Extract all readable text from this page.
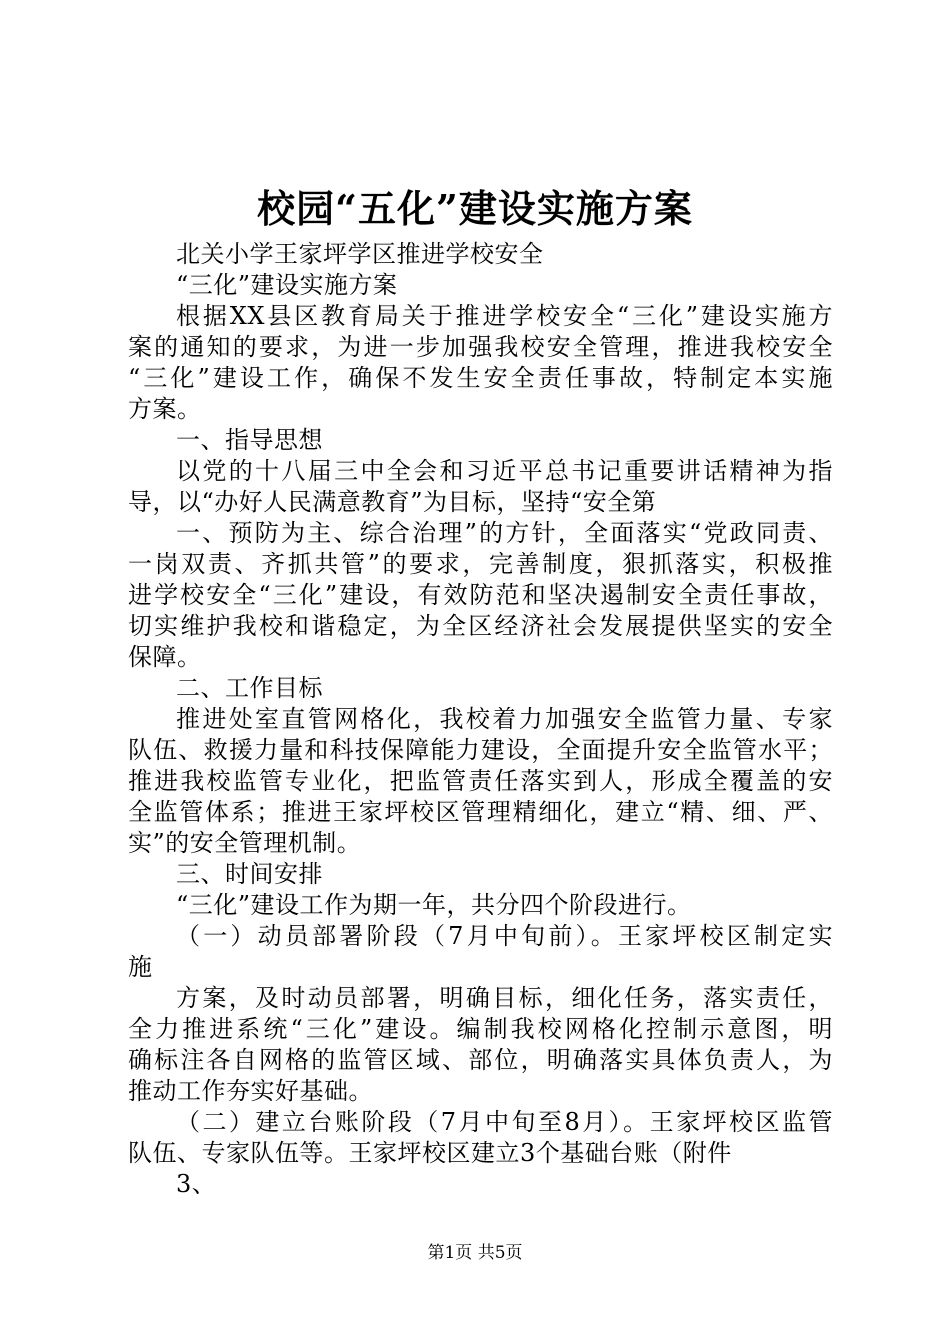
校园“五化”建设实施方案
北关小学王家坪学区推进学校安全
“三化”建设实施方案
根据XX县区教育局关于推进学校安全“三化”建设实施方
案的通知的要求，为进一步加强我校安全管理，推进我校安全
“三化”建设工作，确保不发生安全责任事故，特制定本实施
方案。
一、指导思想
以党的十八届三中全会和习近平总书记重要讲话精神为指
导，以“办好人民满意教育”为目标，坚持“安全第
一、预防为主、综合治理”的方针，全面落实“党政同责、
一岗双责、齐抓共管”的要求，完善制度，狠抓落实，积极推
进学校安全“三化”建设，有效防范和坚决遏制安全责任事故，
切实维护我校和谐稳定，为全区经济社会发展提供坚实的安全
保障。
二、工作目标
推进处室直管网格化，我校着力加强安全监管力量、专家
队伍、救援力量和科技保障能力建设，全面提升安全监管水平；
推进我校监管专业化，把监管责任落实到人，形成全覆盖的安
全监管体系；推进王家坪校区管理精细化，建立“精、细、严、
实”的安全管理机制。
三、时间安排
“三化”建设工作为期一年，共分四个阶段进行。
（一）动员部署阶段（7月中旬前）。王家坪校区制定实
施
方案，及时动员部署，明确目标，细化任务，落实责任，
全力推进系统“三化”建设。编制我校网格化控制示意图，明
确标注各自网格的监管区域、部位，明确落实具体负责人，为
推动工作夯实好基础。
（二）建立台账阶段（7月中旬至8月）。王家坪校区监管
队伍、专家队伍等。王家坪校区建立3个基础台账（附件
3、
第1页 共5页
